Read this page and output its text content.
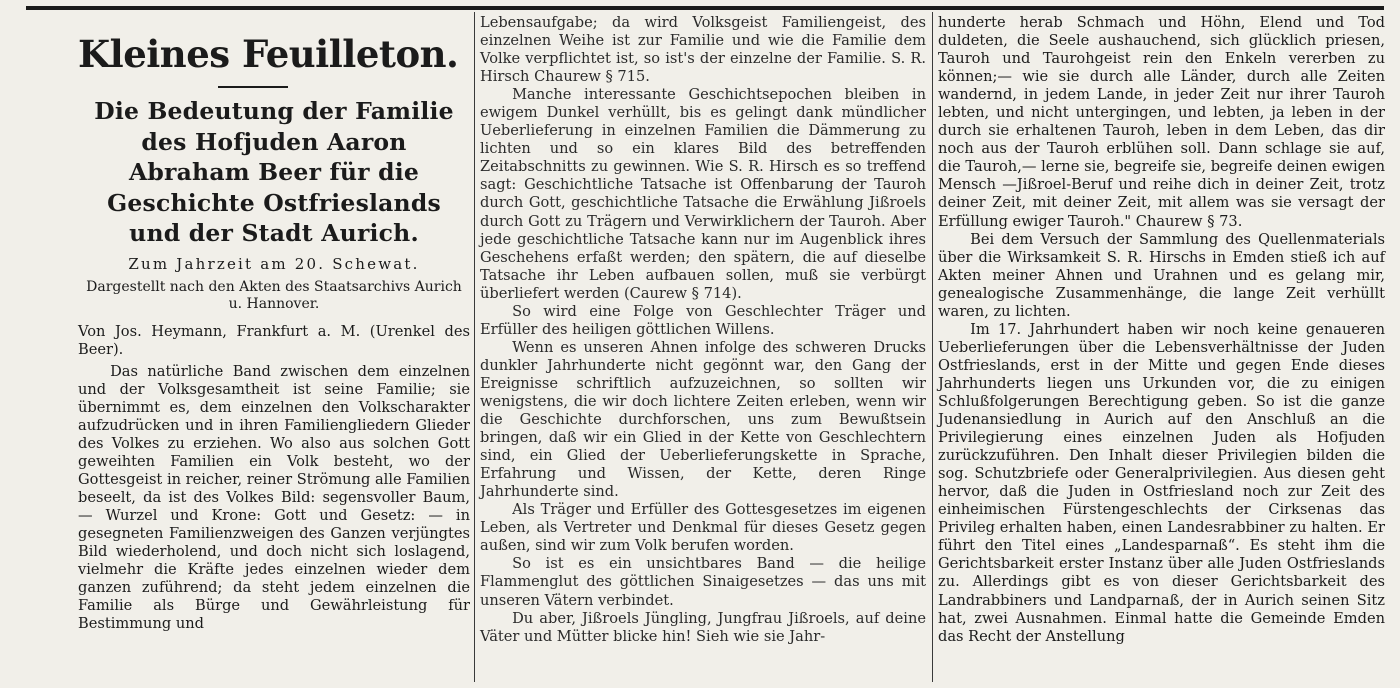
Kleines Feuilleton.
Die Bedeutung der Familie des Hofjuden Aaron Abraham Beer für die Geschichte Ostfrieslands und der Stadt Aurich.
Zum Jahrzeit am 20. Schewat.
Dargestellt nach den Akten des Staatsarchivs Aurich u. Hannover.
Von Jos. Heymann, Frankfurt a. M. (Urenkel des Beer).

Das natürliche Band zwischen dem einzelnen und der Volksgesamtheit ist seine Familie; sie übernimmt es, dem einzelnen den Volkscharakter aufzudrücken und in ihren Familiengliedern Glieder des Volkes zu erziehen. Wo also aus solchen Gott geweihten Familien ein Volk besteht, wo der Gottesgeist in reicher, reiner Strömung alle Familien beseelt, da ist des Volkes Bild: segensvoller Baum, — Wurzel und Krone: Gott und Gesetz: — in gesegneten Familienzweigen des Ganzen verjüngtes Bild wiederholend, und doch nicht sich loslagend, vielmehr die Kräfte jedes einzelnen wieder dem ganzen zuführend; da steht jedem einzelnen die Familie als Bürge und Gewährleistung für Bestimmung und

Lebensaufgabe; da wird Volksgeist Familiengeist, des einzelnen Weihe ist zur Familie und wie die Familie dem Volke verpflichtet ist, so ist's der einzelne der Familie. S. R. Hirsch Chaurew § 715.

Manche interessante Geschichtsepochen bleiben in ewigem Dunkel verhüllt, bis es gelingt dank mündlicher Ueberlieferung in einzelnen Familien die Dämmerung zu lichten und so ein klares Bild des betreffenden Zeitabschnitts zu gewinnen. Wie S. R. Hirsch es so treffend sagt: Geschichtliche Tatsache ist Offenbarung der Tauroh durch Gott, geschichtliche Tatsache die Erwählung Jißroels durch Gott zu Trägern und Verwirklichern der Tauroh. Aber jede geschichtliche Tatsache kann nur im Augenblick ihres Geschehens erfaßt werden; den spätern, die auf dieselbe Tatsache ihr Leben aufbauen sollen, muß sie verbürgt überliefert werden (Caurew § 714).

So wird eine Folge von Geschlechter Träger und Erfüller des heiligen göttlichen Willens.

Wenn es unseren Ahnen infolge des schweren Drucks dunkler Jahrhunderte nicht gegönnt war, den Gang der Ereignisse schriftlich aufzuzeichnen, so sollten wir wenigstens, die wir doch lichtere Zeiten erleben, wenn wir die Geschichte durchforschen, uns zum Bewußtsein bringen, daß wir ein Glied in der Kette von Geschlechtern sind, ein Glied der Ueberlieferungskette in Sprache, Erfahrung und Wissen, der Kette, deren Ringe Jahrhunderte sind.

Als Träger und Erfüller des Gottesgesetzes im eigenen Leben, als Vertreter und Denkmal für dieses Gesetz gegen außen, sind wir zum Volk berufen worden.

So ist es ein unsichtbares Band — die heilige Flammenglut des göttlichen Sinaigesetzes — das uns mit unseren Vätern verbindet.

Du aber, Jißroels Jüngling, Jungfrau Jißroels, auf deine Väter und Mütter blicke hin! Sieh wie sie Jahr-

hunderte herab Schmach und Höhn, Elend und Tod duldeten, die Seele aushauchend, sich glücklich priesen, Tauroh und Taurohgeist rein den Enkeln vererben zu können;— wie sie durch alle Länder, durch alle Zeiten wandernd, in jedem Lande, in jeder Zeit nur ihrer Tauroh lebten, und nicht untergingen, und lebten, ja leben in der durch sie erhaltenen Tauroh, leben in dem Leben, das dir noch aus der Tauroh erblühen soll. Dann schlage sie auf, die Tauroh,— lerne sie, begreife sie, begreife deinen ewigen Mensch —Jißroel-Beruf und reihe dich in deiner Zeit, trotz deiner Zeit, mit deiner Zeit, mit allem was sie versagt der Erfüllung ewiger Tauroh." Chaurew § 73.

Bei dem Versuch der Sammlung des Quellenmaterials über die Wirksamkeit S. R. Hirschs in Emden stieß ich auf Akten meiner Ahnen und Urahnen und es gelang mir, genealogische Zusammenhänge, die lange Zeit verhüllt waren, zu lichten.

Im 17. Jahrhundert haben wir noch keine genaueren Ueberlieferungen über die Lebensverhältnisse der Juden Ostfrieslands, erst in der Mitte und gegen Ende dieses Jahrhunderts liegen uns Urkunden vor, die zu einigen Schlußfolgerungen Berechtigung geben. So ist die ganze Judenansiedlung in Aurich auf den Anschluß an die Privilegierung eines einzelnen Juden als Hofjuden zurückzuführen. Den Inhalt dieser Privilegien bilden die sog. Schutzbriefe oder Generalprivilegien. Aus diesen geht hervor, daß die Juden in Ostfriesland noch zur Zeit des einheimischen Fürstengeschlechts der Cirksenas das Privileg erhalten haben, einen Landesrabbiner zu halten. Er führt den Titel eines „Landesparnaß“. Es steht ihm die Gerichtsbarkeit erster Instanz über alle Juden Ostfrieslands zu. Allerdings gibt es von dieser Gerichtsbarkeit des Landrabbiners und Landparnaß, der in Aurich seinen Sitz hat, zwei Ausnahmen. Einmal hatte die Gemeinde Emden das Recht der Anstellung
